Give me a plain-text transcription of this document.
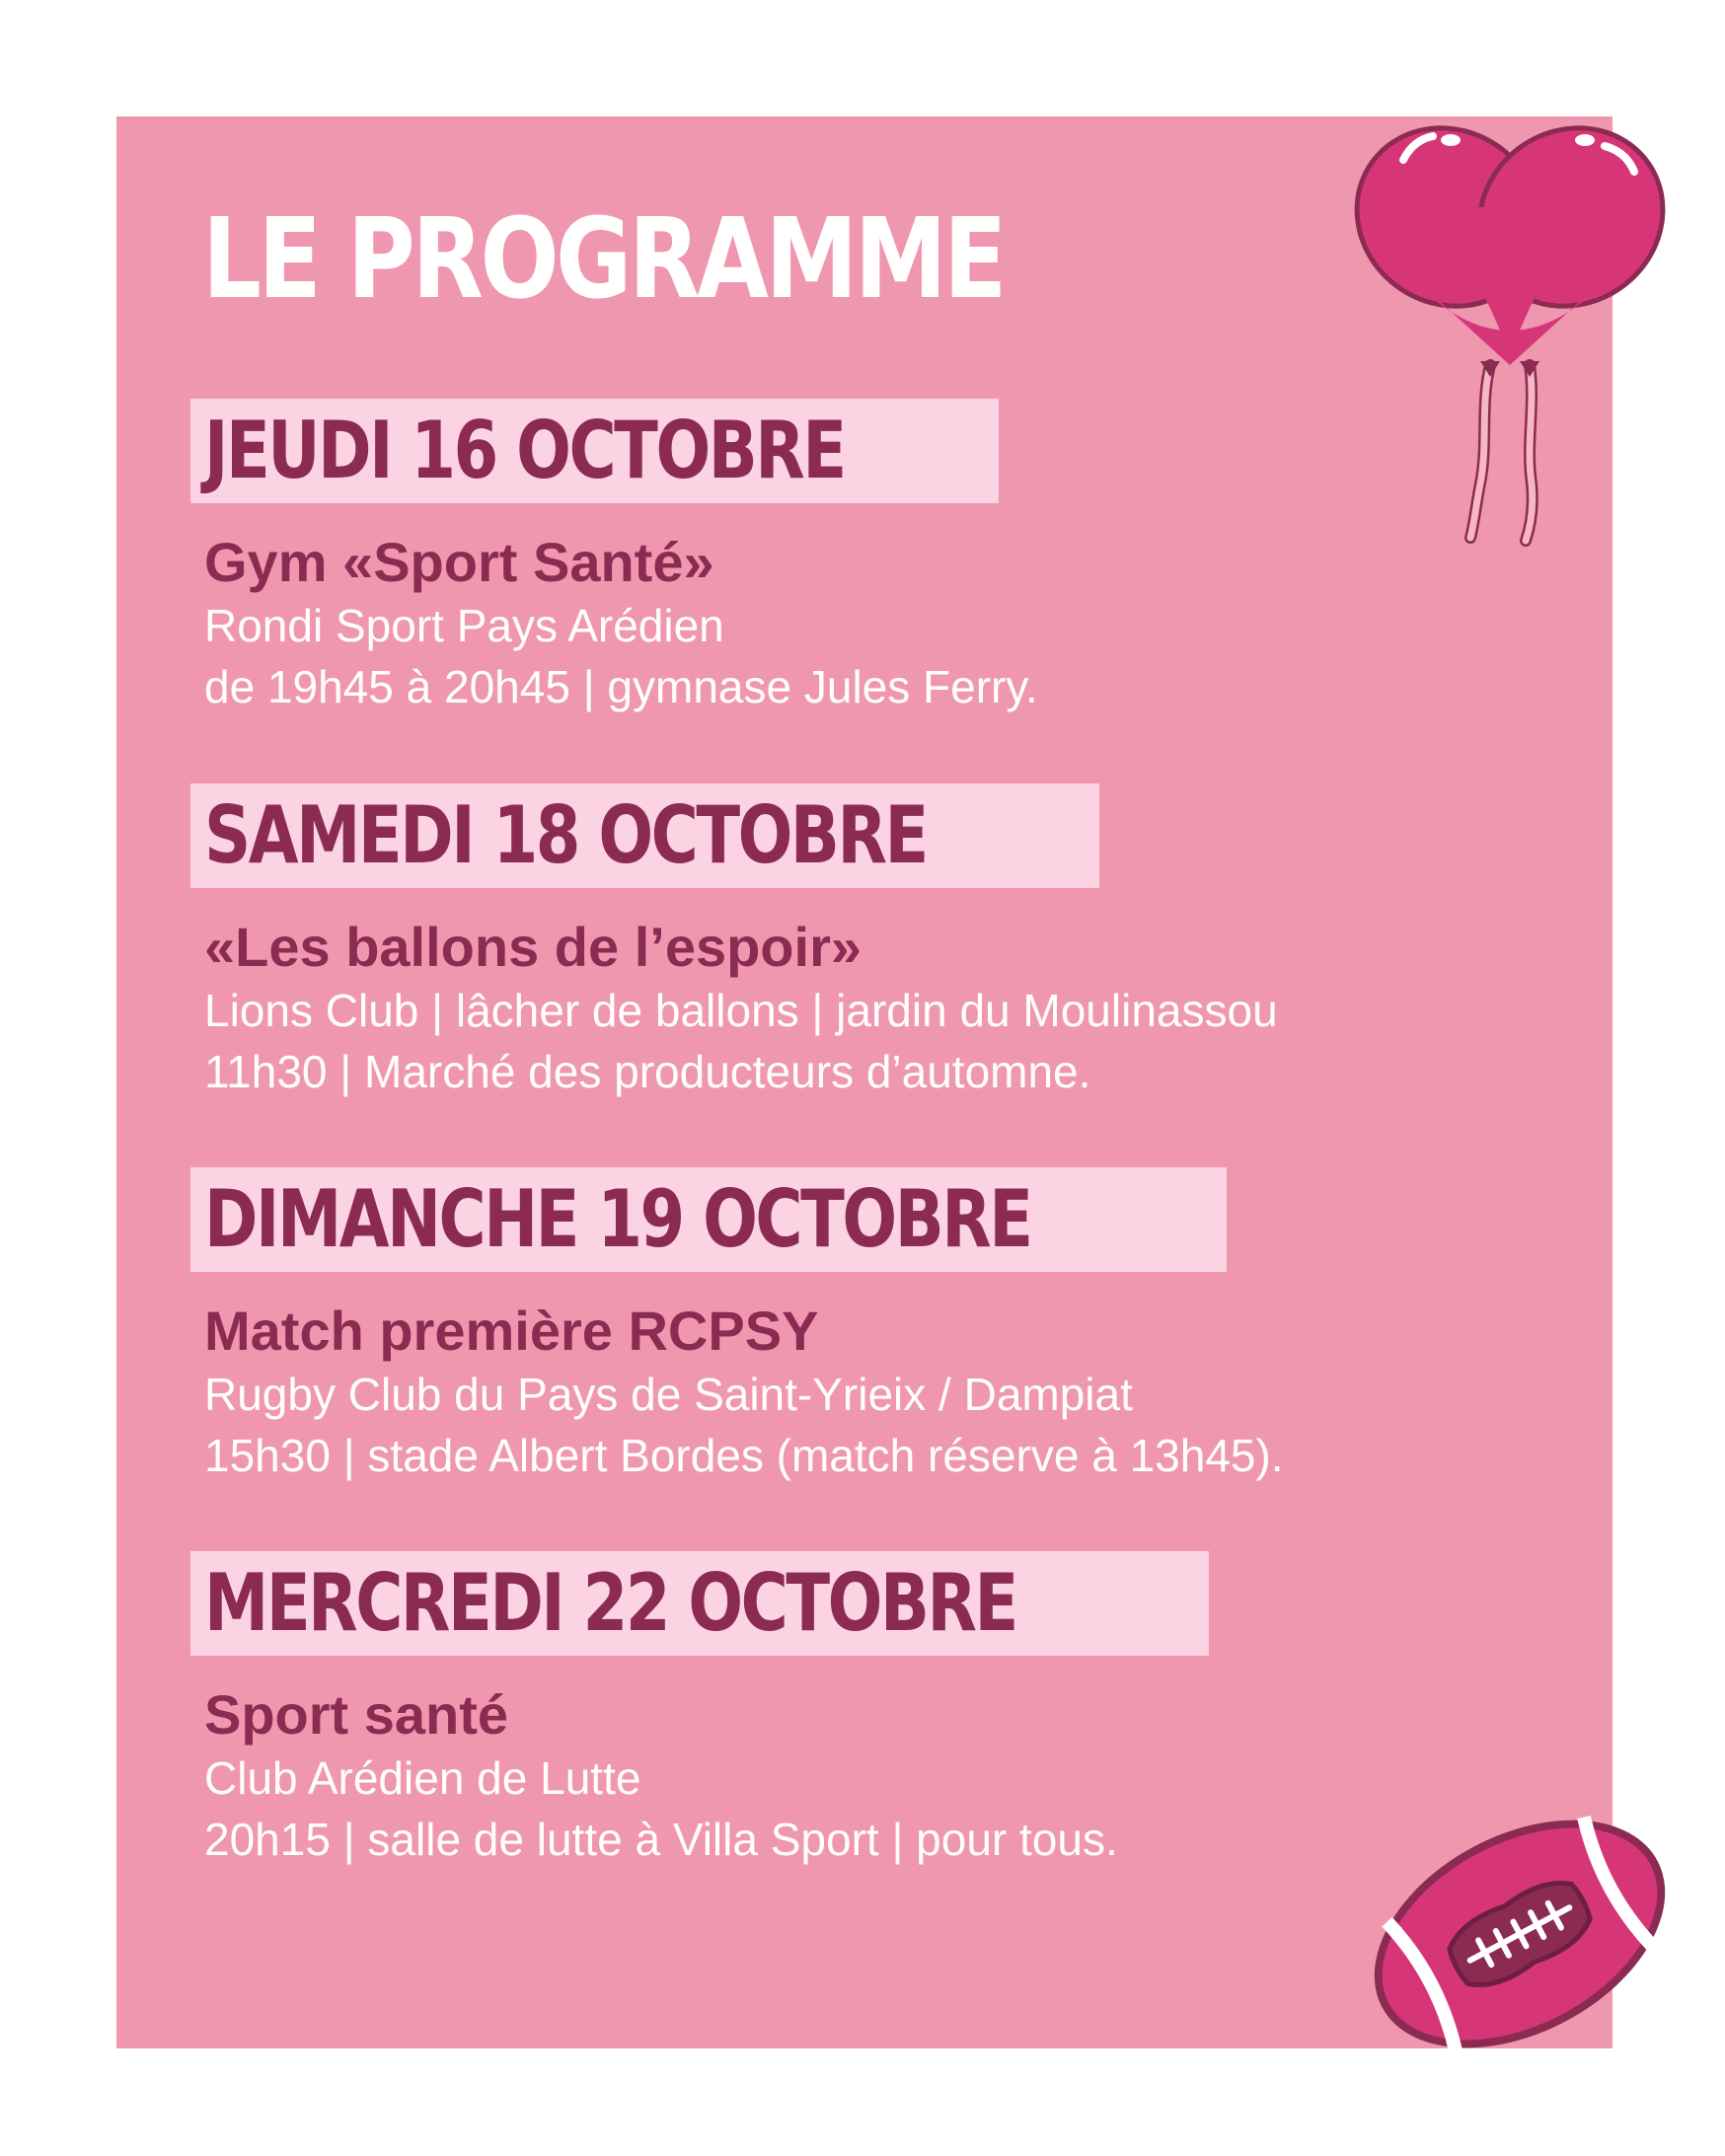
LE PROGRAMME
JEUDI 16 OCTOBRE
Gym «Sport Santé»
Rondi Sport Pays Arédien
de 19h45 à 20h45 | gymnase Jules Ferry.
SAMEDI 18 OCTOBRE
«Les ballons de l’espoir»
Lions Club | lâcher de ballons | jardin du Moulinassou
11h30 | Marché des producteurs d’automne.
DIMANCHE 19 OCTOBRE
Match première RCPSY
Rugby Club du Pays de Saint-Yrieix / Dampiat
15h30 | stade Albert Bordes (match réserve à 13h45).
MERCREDI 22 OCTOBRE
Sport santé
Club Arédien de Lutte
20h15 | salle de lutte à Villa Sport | pour tous.
